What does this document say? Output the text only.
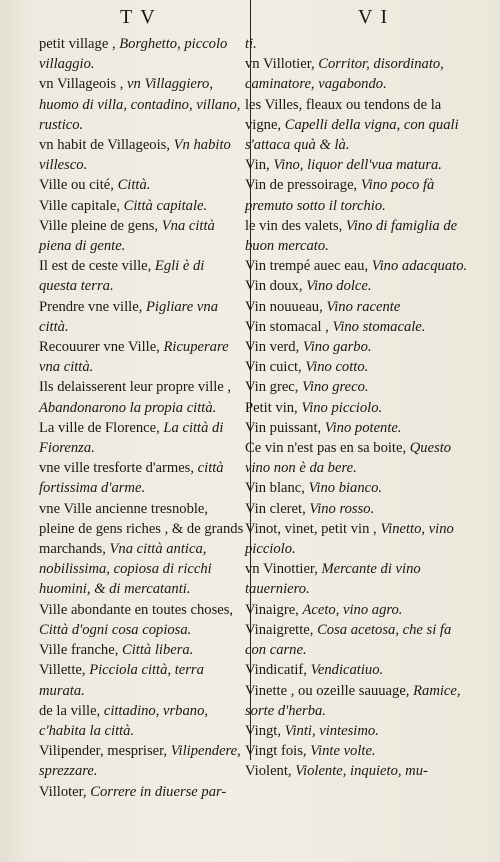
TV	VI
petit village , Borghetto, piccolo villaggio.
vn Villageois , vn Villaggiero, huomo di villa, contadino, villano, rustico.
vn habit de Villageois, Vn habito villesco.
Ville ou cité, Città.
Ville capitale, Città capitale.
Ville pleine de gens, Vna città piena di gente.
Il est de ceste ville, Egli è di questa terra.
Prendre vne ville, Pigliare vna città.
Recouurer vne Ville, Ricuperare vna città.
Ils delaisserent leur propre ville , Abandonarono la propia città.
La ville de Florence, La città di Fiorenza.
vne ville tresforte d'armes, città fortissima d'arme.
vne Ville ancienne tresnoble, pleine de gens riches , & de grands marchands, Vna città antica, nobilissima, copiosa di ricchi huomini, & di mercatanti.
Ville abondante en toutes choses, Città d'ogni cosa copiosa.
Ville franche, Città libera.
Villette, Picciola città, terra murata.
de la ville, cittadino, vrbano, c'habita la città.
Vilipender, mespriser, Vilipendere, sprezzare.
Villoter, Correre in diuerse par-
ti.
vn Villotier, Corritor, disordinato, caminatore, vagabondo.
les Villes, fleaux ou tendons de la vigne, Capelli della vigna, con quali s'attaca quà & là.
Vin, Vino, liquor dell'vua matura.
Vin de pressoirage, Vino poco fà premuto sotto il torchio.
le vin des valets, Vino di famiglia de buon mercato.
Vin trempé auec eau, Vino adacquato.
Vin doux, Vino dolce.
Vin nouueau, Vino racente
Vin stomacal , Vino stomacale.
Vin verd, Vino garbo.
Vin cuict, Vino cotto.
Vin grec, Vino greco.
Petit vin, Vino picciolo.
Vin puissant, Vino potente.
Ce vin n'est pas en sa boite, Questo vino non è da bere.
Vin blanc, Vino bianco.
Vin cleret, Vino rosso.
Vinot, vinet, petit vin , Vinetto, vino picciolo.
vn Vinottier, Mercante di vino tauerniero.
Vinaigre, Aceto, vino agro.
Vinaigrette, Cosa acetosa, che si fa con carne.
Vindicatif, Vendicatiuo.
Vinette , ou ozeille sauuage, Ramice, sorte d'herba.
Vingt, Vinti, vintesimo.
Vingt fois, Vinte volte.
Violent, Violente, inquieto, mu-
